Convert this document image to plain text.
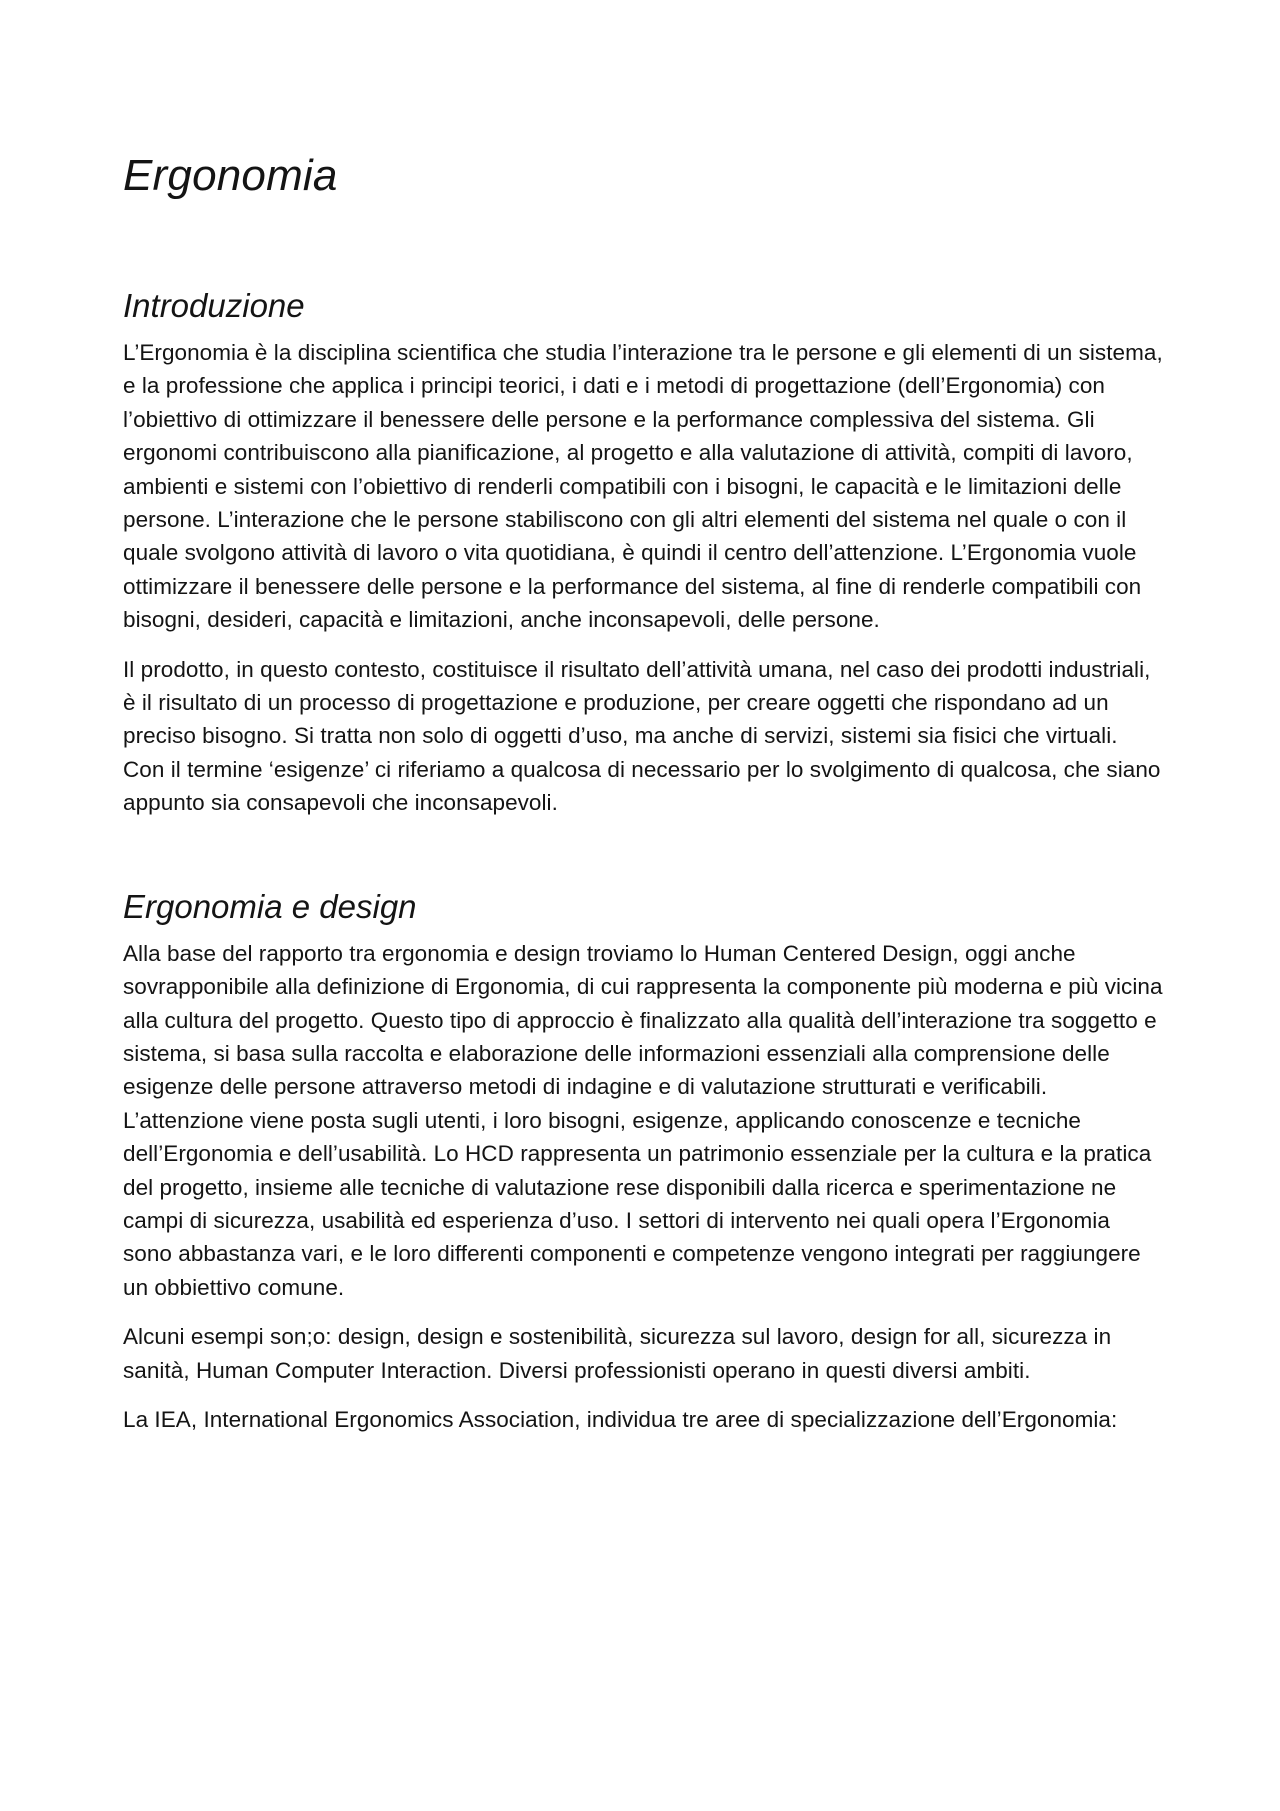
Ergonomia
Introduzione

L’Ergonomia è la disciplina scientifica che studia l’interazione tra le persone e gli elementi di un sistema, e la professione che applica i principi teorici, i dati e i metodi di progettazione (dell’Ergonomia) con l’obiettivo di ottimizzare il benessere delle persone e la performance complessiva del sistema. Gli ergonomi contribuiscono alla pianificazione, al progetto e alla valutazione di attività, compiti di lavoro, ambienti e sistemi con l’obiettivo di renderli compatibili con i bisogni, le capacità e le limitazioni delle persone. L’interazione che le persone stabiliscono con gli altri elementi del sistema nel quale o con il quale svolgono attività di lavoro o vita quotidiana, è quindi il centro dell’attenzione. L’Ergonomia vuole ottimizzare il benessere delle persone e la performance del sistema, al fine di renderle compatibili con bisogni, desideri, capacità e limitazioni, anche inconsapevoli, delle persone.

Il prodotto, in questo contesto, costituisce il risultato dell’attività umana, nel caso dei prodotti industriali, è il risultato di un processo di progettazione e produzione, per creare oggetti che rispondano ad un preciso bisogno. Si tratta non solo di oggetti d’uso, ma anche di servizi, sistemi sia fisici che virtuali. Con il termine ‘esigenze’ ci riferiamo a qualcosa di necessario per lo svolgimento di qualcosa, che siano appunto sia consapevoli che inconsapevoli.

Ergonomia e design

Alla base del rapporto tra ergonomia e design troviamo lo Human Centered Design, oggi anche sovrapponibile alla definizione di Ergonomia, di cui rappresenta la componente più moderna e più vicina alla cultura del progetto. Questo tipo di approccio è finalizzato alla qualità dell’interazione tra soggetto e sistema, si basa sulla raccolta e elaborazione delle informazioni essenziali alla comprensione delle esigenze delle persone attraverso metodi di indagine e di valutazione strutturati e verificabili. L’attenzione viene posta sugli utenti, i loro bisogni, esigenze, applicando conoscenze e tecniche dell’Ergonomia e dell’usabilità. Lo HCD rappresenta un patrimonio essenziale per la cultura e la pratica del progetto, insieme alle tecniche di valutazione rese disponibili dalla ricerca e sperimentazione ne campi di sicurezza, usabilità ed esperienza d’uso. I settori di intervento nei quali opera l’Ergonomia sono abbastanza vari, e le loro differenti componenti e competenze vengono integrati per raggiungere un obbiettivo comune.

Alcuni esempi son;o: design, design e sostenibilità, sicurezza sul lavoro, design for all, sicurezza in sanità, Human Computer Interaction. Diversi professionisti operano in questi diversi ambiti.

La IEA, International Ergonomics Association, individua tre aree di specializzazione dell’Ergonomia:
